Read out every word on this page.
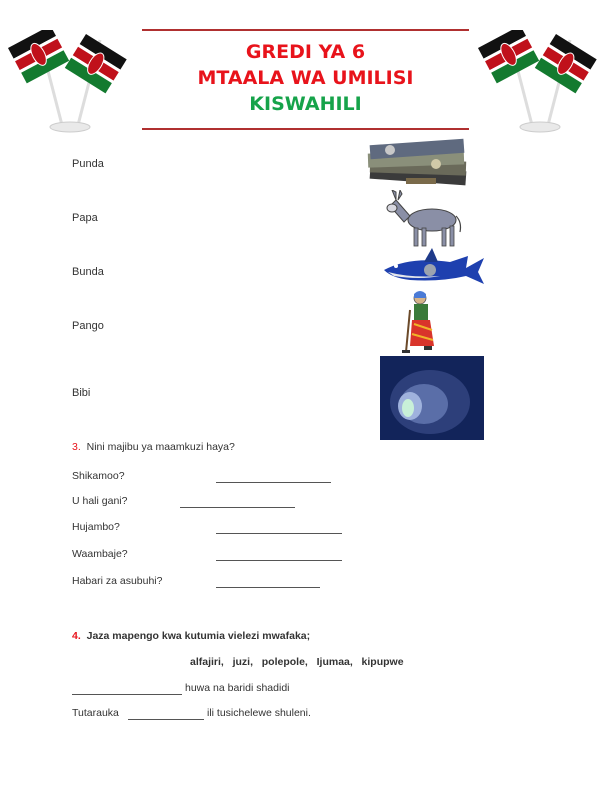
GREDI YA 6
MTAALA WA UMILISI
KISWAHILI
Punda
Papa
Bunda
Pango
Bibi
3. Nini majibu ya maamkuzi haya?
Shikamoo?
U hali gani?
Hujambo?
Waambaje?
Habari za asubuhi?
4. Jaza mapengo kwa kutumia vielezi mwafaka;
alfajiri,   juzi,   polepole,   Ijumaa,   kipupwe
huwa na baridi shadidi
Tutarauka	ili tusichelewe shuleni.
